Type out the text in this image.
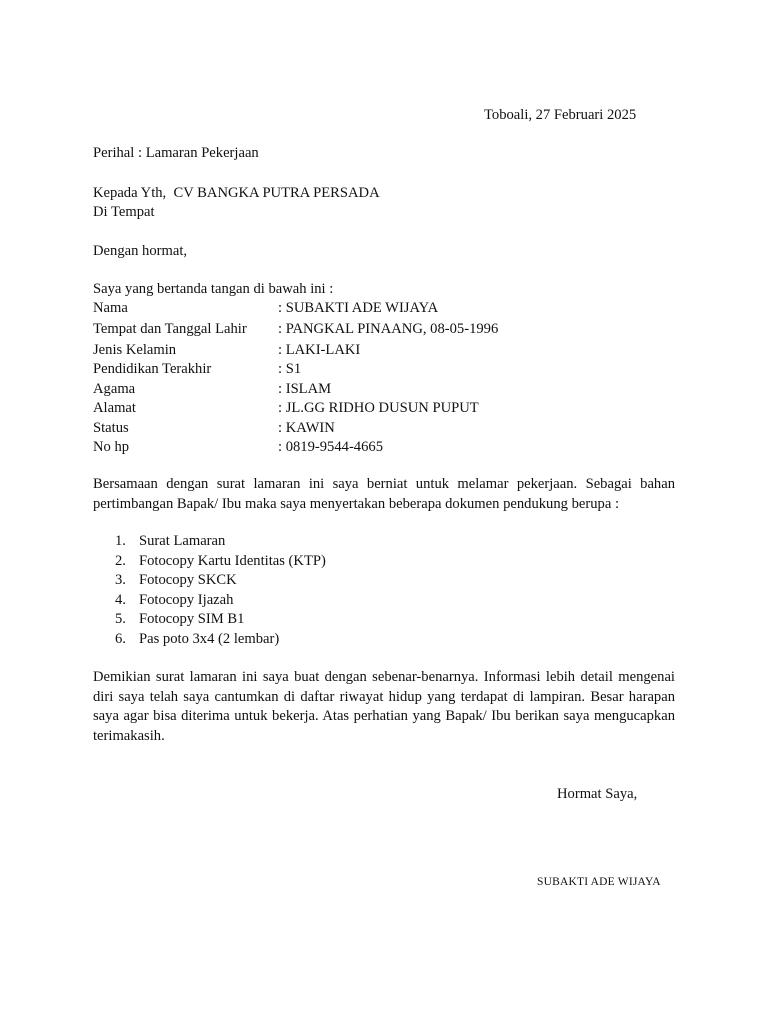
Toboali, 27 Februari 2025
Perihal : Lamaran Pekerjaan
Kepada Yth,  CV BANGKA PUTRA PERSADA
Di Tempat
Dengan hormat,
Saya yang bertanda tangan di bawah ini :
Nama	: SUBAKTI ADE WIJAYA
Tempat dan Tanggal Lahir	: PANGKAL PINAANG, 08-05-1996
Jenis Kelamin	: LAKI-LAKI
Pendidikan Terakhir	: S1
Agama	: ISLAM
Alamat	: JL.GG RIDHO DUSUN PUPUT
Status	: KAWIN
No hp	: 0819-9544-4665
Bersamaan dengan surat lamaran ini saya berniat untuk melamar pekerjaan. Sebagai bahan pertimbangan Bapak/ Ibu maka saya menyertakan beberapa dokumen pendukung berupa :
1. Surat Lamaran
2. Fotocopy Kartu Identitas (KTP)
3. Fotocopy SKCK
4. Fotocopy Ijazah
5. Fotocopy SIM B1
6. Pas poto 3x4 (2 lembar)
Demikian surat lamaran ini saya buat dengan sebenar-benarnya. Informasi lebih detail mengenai diri saya telah saya cantumkan di daftar riwayat hidup yang terdapat di lampiran. Besar harapan saya agar bisa diterima untuk bekerja. Atas perhatian yang Bapak/ Ibu berikan saya mengucapkan terimakasih.
Hormat Saya,
SUBAKTI ADE WIJAYA
